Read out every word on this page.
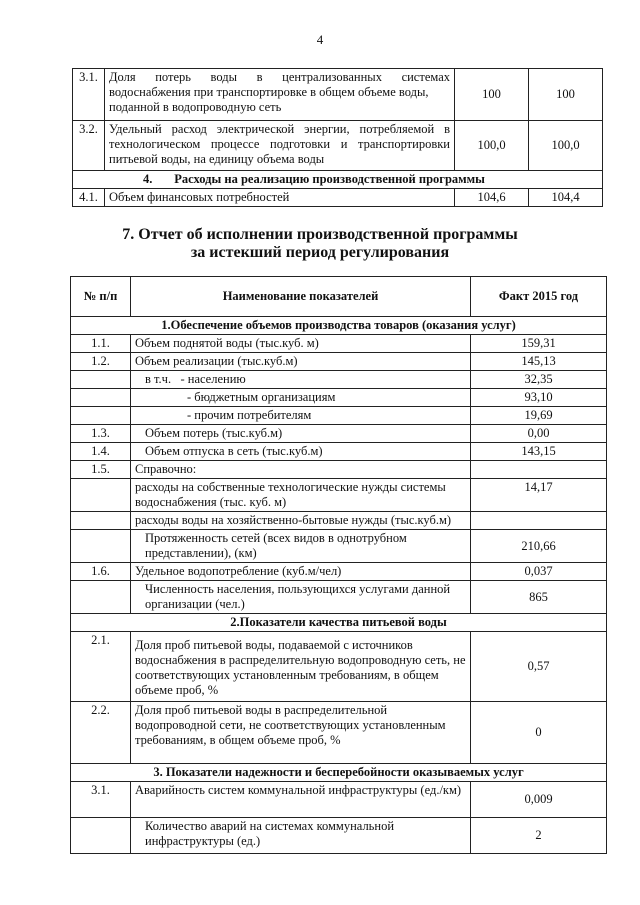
4
3.1.	Доля потерь воды в централизованных системах
водоснабжения при транспортировке в общем объеме воды,
поданной в водопроводную сеть	100	100
3.2.	Удельный расход электрической энергии, потребляемой в
технологическом процессе подготовки и транспортировки
питьевой воды, на единицу объема воды	100,0	100,0
4. Расходы на реализацию производственной программы			
4.1.	Объем финансовых потребностей	104,6	104,4
7. Отчет об исполнении производственной программы
за истекший период регулирования
№ п/п	Наименование показателей	Факт 2015 год
1.Обеспечение объемов производства товаров (оказания услуг)		
1.1.	Объем поднятой воды (тыс.куб. м)	159,31
1.2.	Объем реализации (тыс.куб.м)	145,13
	в т.ч.   - населению	32,35
	- бюджетным организациям	93,10
	- прочим потребителям	19,69
1.3.	Объем потерь (тыс.куб.м)	0,00
1.4.	Объем отпуска в сеть (тыс.куб.м)	143,15
1.5.	Справочно:	
	расходы на собственные технологические нужды системы водоснабжения (тыс. куб. м)	14,17
	расходы воды на хозяйственно-бытовые нужды (тыс.куб.м)	
	Протяженность сетей (всех видов в однотрубном представлении), (км)	210,66
1.6.	Удельное водопотребление (куб.м/чел)	0,037
	Численность населения, пользующихся услугами данной организации (чел.)	865
2.Показатели качества питьевой воды		
2.1.	Доля проб питьевой воды, подаваемой с источников водоснабжения в распределительную водопроводную сеть, не соответствующих установленным требованиям, в общем объеме проб, %	0,57
2.2.	Доля проб питьевой воды в распределительной водопроводной сети, не соответствующих установленным требованиям, в общем объеме проб, %	0
3. Показатели надежности и бесперебойности оказываемых услуг		
3.1.	Аварийность систем коммунальной инфраструктуры (ед./км)	0,009
	Количество аварий на системах коммунальной инфраструктуры (ед.)	2
